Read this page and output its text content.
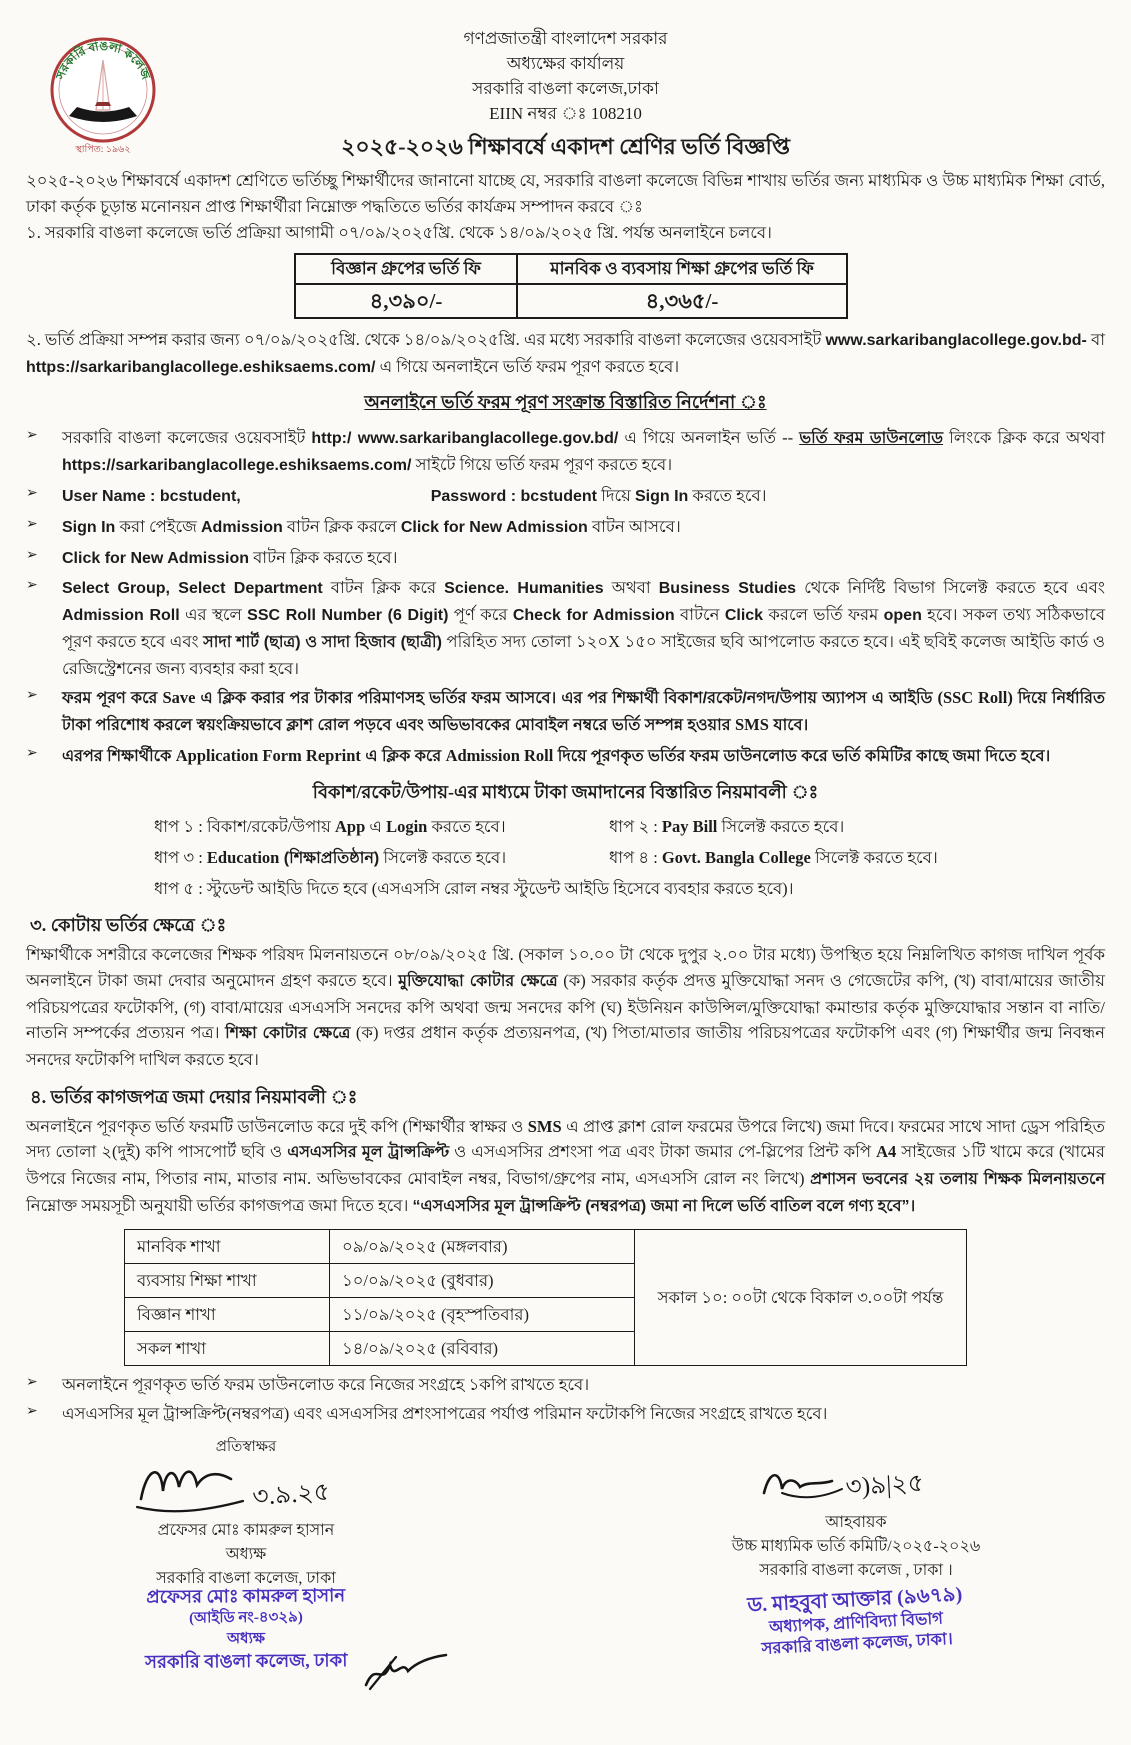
সরকারি বাঙলা কলেজ
স্থাপিত: ১৯৬২
গণপ্রজাতন্ত্রী বাংলাদেশ সরকার
অধ্যক্ষের কার্যালয়
সরকারি বাঙলা কলেজ,ঢাকা
EIIN নম্বর ঃ 108210
২০২৫-২০২৬ শিক্ষাবর্ষে একাদশ শ্রেণির ভর্তি বিজ্ঞপ্তি

২০২৫-২০২৬ শিক্ষাবর্ষে একাদশ শ্রেণিতে ভর্তিচ্ছু শিক্ষার্থীদের জানানো যাচ্ছে যে, সরকারি বাঙলা কলেজে বিভিন্ন শাখায় ভর্তির জন্য মাধ্যমিক ও উচ্চ মাধ্যমিক শিক্ষা বোর্ড, ঢাকা কর্তৃক চূড়ান্ত মনোনয়ন প্রাপ্ত শিক্ষার্থীরা নিম্নোক্ত পদ্ধতিতে ভর্তির কার্যক্রম সম্পাদন করবে ঃ

১. সরকারি বাঙলা কলেজে ভর্তি প্রক্রিয়া আগামী ০৭/০৯/২০২৫খ্রি. থেকে ১৪/০৯/২০২৫ খ্রি. পর্যন্ত অনলাইনে চলবে।

বিজ্ঞান গ্রুপের ভর্তি ফি	মানবিক ও ব্যবসায় শিক্ষা গ্রুপের ভর্তি ফি
৪,৩৯০/-	৪,৩৬৫/-

২. ভর্তি প্রক্রিয়া সম্পন্ন করার জন্য ০৭/০৯/২০২৫খ্রি. থেকে ১৪/০৯/২০২৫খ্রি. এর মধ্যে সরকারি বাঙলা কলেজের ওয়েবসাইট www.sarkaribanglacollege.gov.bd- বা https://sarkaribanglacollege.eshiksaems.com/ এ গিয়ে অনলাইনে ভর্তি ফরম পূরণ করতে হবে।

অনলাইনে ভর্তি ফরম পূরণ সংক্রান্ত বিস্তারিত নির্দেশনা ঃ
➢	সরকারি বাঙলা কলেজের ওয়েবসাইট http:/ www.sarkaribanglacollege.gov.bd/ এ গিয়ে অনলাইন ভর্তি -- ভর্তি ফরম ডাউনলোড লিংকে ক্লিক করে অথবা https://sarkaribanglacollege.eshiksaems.com/ সাইটে গিয়ে ভর্তি ফরম পূরণ করতে হবে।

➢	User Name : bcstudent,	Password : bcstudent দিয়ে Sign In করতে হবে।

➢	Sign In করা পেইজে Admission বাটন ক্লিক করলে Click for New Admission বাটন আসবে।

➢	Click for New Admission বাটন ক্লিক করতে হবে।

➢	Select Group, Select Department বাটন ক্লিক করে Science. Humanities অথবা Business Studies থেকে নির্দিষ্ট বিভাগ সিলেক্ট করতে হবে এবং Admission Roll এর স্থলে SSC Roll Number (6 Digit) পূর্ণ করে Check for Admission বাটনে Click করলে ভর্তি ফরম open হবে। সকল তথ্য সঠিকভাবে পূরণ করতে হবে এবং সাদা শার্ট (ছাত্র) ও সাদা হিজাব (ছাত্রী) পরিহিত সদ্য তোলা ১২০X ১৫০ সাইজের ছবি আপলোড করতে হবে। এই ছবিই কলেজ আইডি কার্ড ও রেজিস্ট্রেশনের জন্য ব্যবহার করা হবে।

➢	ফরম পূরণ করে Save এ ক্লিক করার পর টাকার পরিমাণসহ ভর্তির ফরম আসবে। এর পর শিক্ষার্থী বিকাশ/রকেট/নগদ/উপায় অ্যাপস এ আইডি (SSC Roll) দিয়ে নির্ধারিত টাকা পরিশোধ করলে স্বয়ংক্রিয়ভাবে ক্লাশ রোল পড়বে এবং অভিভাবকের মোবাইল নম্বরে ভর্তি সম্পন্ন হওয়ার SMS যাবে।

➢	এরপর শিক্ষার্থীকে Application Form Reprint এ ক্লিক করে Admission Roll দিয়ে পূরণকৃত ভর্তির ফরম ডাউনলোড করে ভর্তি কমিটির কাছে জমা দিতে হবে।

বিকাশ/রকেট/উপায়-এর মাধ্যমে টাকা জমাদানের বিস্তারিত নিয়মাবলী ঃ
ধাপ ১ : বিকাশ/রকেট/উপায় App এ Login করতে হবে।	ধাপ ২ : Pay Bill সিলেক্ট করতে হবে।
ধাপ ৩ : Education (শিক্ষাপ্রতিষ্ঠান) সিলেক্ট করতে হবে।	ধাপ ৪ : Govt. Bangla College সিলেক্ট করতে হবে।
ধাপ ৫ : স্টুডেন্ট আইডি দিতে হবে (এসএসসি রোল নম্বর স্টুডেন্ট আইডি হিসেবে ব্যবহার করতে হবে)।
৩. কোটায় ভর্তির ক্ষেত্রে ঃ

শিক্ষার্থীকে সশরীরে কলেজের শিক্ষক পরিষদ মিলনায়তনে ০৮/০৯/২০২৫ খ্রি. (সকাল ১০.০০ টা থেকে দুপুর ২.০০ টার মধ্যে) উপস্থিত হয়ে নিম্নলিখিত কাগজ দাখিল পূর্বক অনলাইনে টাকা জমা দেবার অনুমোদন গ্রহণ করতে হবে। মুক্তিযোদ্ধা কোটার ক্ষেত্রে (ক) সরকার কর্তৃক প্রদত্ত মুক্তিযোদ্ধা সনদ ও গেজেটের কপি, (খ) বাবা/মায়ের জাতীয় পরিচয়পত্রের ফটোকপি, (গ) বাবা/মায়ের এসএসসি সনদের কপি অথবা জন্ম সনদের কপি (ঘ) ইউনিয়ন কাউন্সিল/মুক্তিযোদ্ধা কমান্ডার কর্তৃক মুক্তিযোদ্ধার সন্তান বা নাতি/নাতনি সম্পর্কের প্রত্যয়ন পত্র। শিক্ষা কোটার ক্ষেত্রে (ক) দপ্তর প্রধান কর্তৃক প্রত্যয়নপত্র, (খ) পিতা/মাতার জাতীয় পরিচয়পত্রের ফটোকপি এবং (গ) শিক্ষার্থীর জন্ম নিবন্ধন সনদের ফটোকপি দাখিল করতে হবে।

৪. ভর্তির কাগজপত্র জমা দেয়ার নিয়মাবলী ঃ

অনলাইনে পূরণকৃত ভর্তি ফরমটি ডাউনলোড করে দুই কপি (শিক্ষার্থীর স্বাক্ষর ও SMS এ প্রাপ্ত ক্লাশ রোল ফরমের উপরে লিখে) জমা দিবে। ফরমের সাথে সাদা ড্রেস পরিহিত সদ্য তোলা ২(দুই) কপি পাসপোর্ট ছবি ও এসএসসির মূল ট্রান্সক্রিপ্ট ও এসএসসির প্রশংসা পত্র এবং টাকা জমার পে-স্লিপের প্রিন্ট কপি A4 সাইজের ১টি খামে করে (খামের উপরে নিজের নাম, পিতার নাম, মাতার নাম. অভিভাবকের মোবাইল নম্বর, বিভাগ/গ্রুপের নাম, এসএসসি রোল নং লিখে) প্রশাসন ভবনের ২য় তলায় শিক্ষক মিলনায়তনে নিম্নোক্ত সময়সূচী অনুযায়ী ভর্তির কাগজপত্র জমা দিতে হবে। “এসএসসির মূল ট্রান্সক্রিপ্ট (নম্বরপত্র) জমা না দিলে ভর্তি বাতিল বলে গণ্য হবে”।

মানবিক শাখা	০৯/০৯/২০২৫ (মঙ্গলবার)	সকাল ১০: ০০টা থেকে বিকাল ৩.০০টা পর্যন্ত
ব্যবসায় শিক্ষা শাখা	১০/০৯/২০২৫ (বুধবার)	
বিজ্ঞান শাখা	১১/০৯/২০২৫ (বৃহস্পতিবার)	
সকল শাখা	১৪/০৯/২০২৫ (রবিবার)	
➢	অনলাইনে পূরণকৃত ভর্তি ফরম ডাউনলোড করে নিজের সংগ্রহে ১কপি রাখতে হবে।

➢	এসএসসির মূল ট্রান্সক্রিপ্ট(নম্বরপত্র) এবং এসএসসির প্রশংসাপত্রের পর্যাপ্ত পরিমান ফটোকপি নিজের সংগ্রহে রাখতে হবে।

প্রতিস্বাক্ষর
৩.৯.২৫
প্রফেসর মোঃ কামরুল হাসান
অধ্যক্ষ
সরকারি বাঙলা কলেজ, ঢাকা
প্রফেসর মোঃ কামরুল হাসান
(আইডি নং-৪৩২৯)
অধ্যক্ষ
সরকারি বাঙলা কলেজ, ঢাকা
৩)৯|২৫
আহবায়ক
উচ্চ মাধ্যমিক ভর্তি কমিটি/২০২৫-২০২৬
সরকারি বাঙলা কলেজ , ঢাকা ।
ড. মাহবুবা আক্তার (৯৬৭৯)
অধ্যাপক, প্রাণিবিদ্যা বিভাগ
সরকারি বাঙলা কলেজ, ঢাকা।
